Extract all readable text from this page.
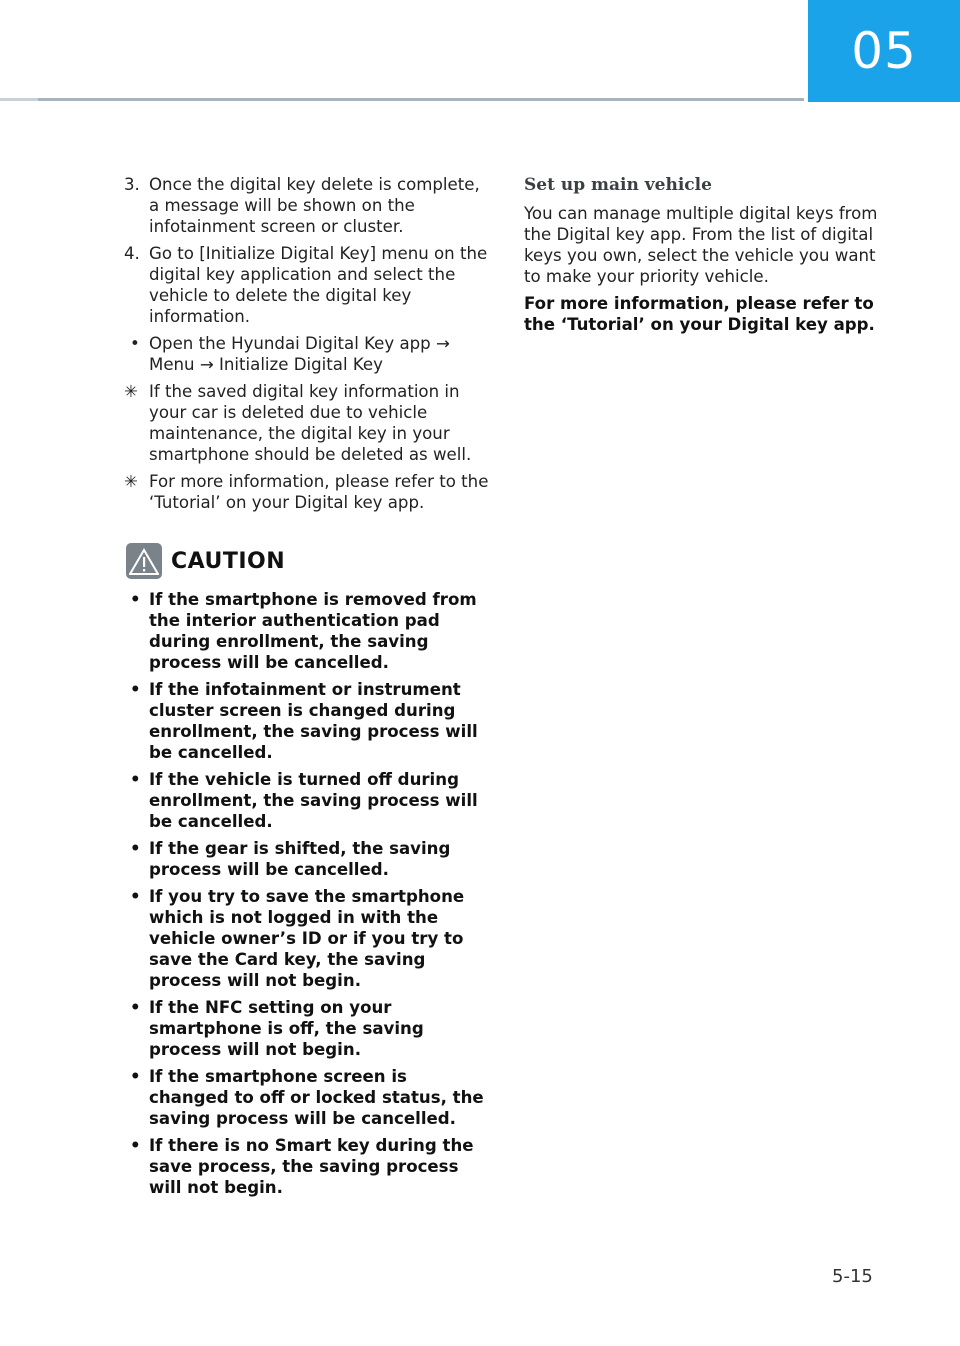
05
3. Once the digital key delete is complete, a message will be shown on the infotainment screen or cluster.
4. Go to [Initialize Digital Key] menu on the digital key application and select the vehicle to delete the digital key information.
• Open the Hyundai Digital Key app → Menu → Initialize Digital Key
✳ If the saved digital key information in your car is deleted due to vehicle maintenance, the digital key in your smartphone should be deleted as well.
✳ For more information, please refer to the ‘Tutorial’ on your Digital key app.
CAUTION
• If the smartphone is removed from the interior authentication pad during enrollment, the saving process will be cancelled.
• If the infotainment or instrument cluster screen is changed during enrollment, the saving process will be cancelled.
• If the vehicle is turned off during enrollment, the saving process will be cancelled.
• If the gear is shifted, the saving process will be cancelled.
• If you try to save the smartphone which is not logged in with the vehicle owner’s ID or if you try to save the Card key, the saving process will not begin.
• If the NFC setting on your smartphone is off, the saving process will not begin.
• If the smartphone screen is changed to off or locked status, the saving process will be cancelled.
• If there is no Smart key during the save process, the saving process will not begin.
Set up main vehicle

You can manage multiple digital keys from the Digital key app. From the list of digital keys you own, select the vehicle you want to make your priority vehicle.

For more information, please refer to the ‘Tutorial’ on your Digital key app.

5-15
